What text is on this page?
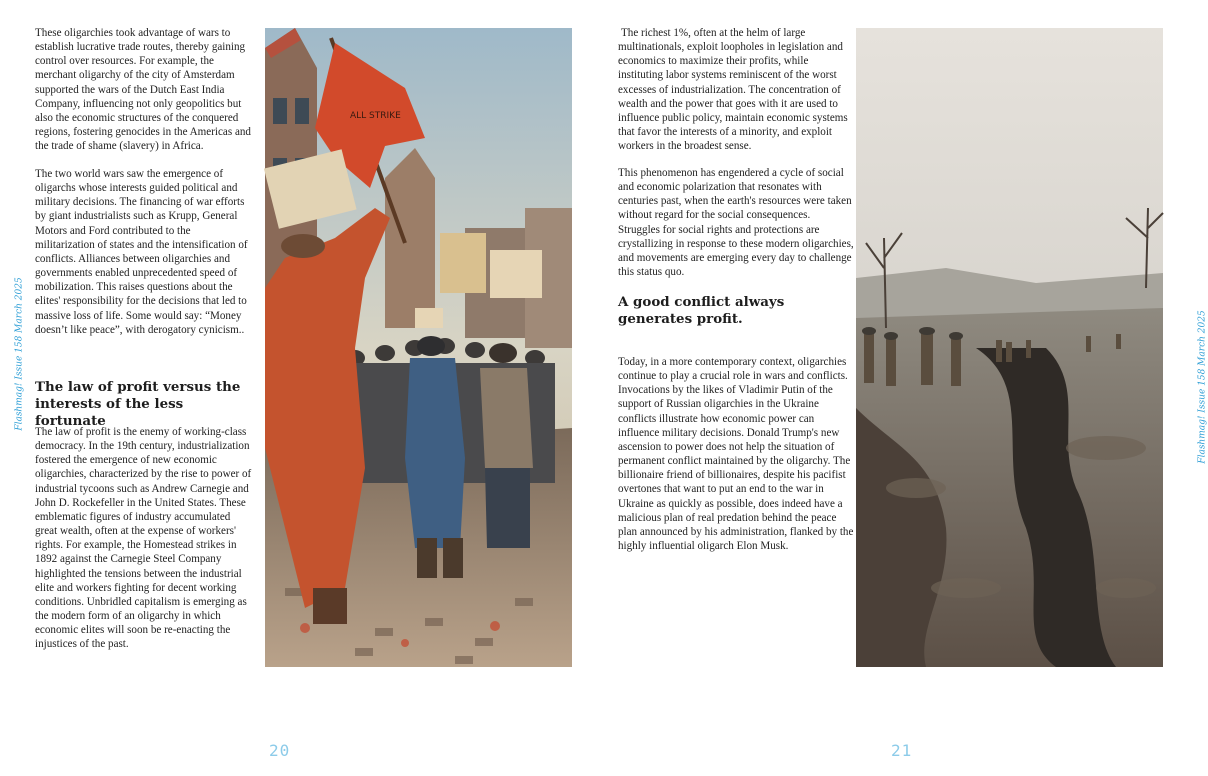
These oligarchies took advantage of wars to establish lucrative trade routes, thereby gaining control over resources. For example, the merchant oligarchy of the city of Amsterdam supported the wars of the Dutch East India Company, influencing not only geopolitics but also the economic structures of the conquered regions, fostering genocides in the Americas and the trade of shame (slavery) in Africa.

The two world wars saw the emergence of oligarchs whose interests guided political and military decisions. The financing of war efforts by giant industrialists such as Krupp, General Motors and Ford contributed to the militarization of states and the intensification of conflicts. Alliances between oligarchies and governments enabled unprecedented speed of mobilization. This raises questions about the elites' responsibility for the decisions that led to massive loss of life. Some would say: “Money doesn’t like peace”, with derogatory cynicism..

The law of profit versus the interests of the less fortunate

The law of profit is the enemy of working-class democracy. In the 19th century, industrialization fostered the emergence of new economic oligarchies, characterized by the rise to power of industrial tycoons such as Andrew Carnegie and John D. Rockefeller in the United States. These emblematic figures of industry accumulated great wealth, often at the expense of workers' rights. For example, the Homestead strikes in 1892 against the Carnegie Steel Company highlighted the tensions between the industrial elite and workers fighting for decent working conditions. Unbridled capitalism is emerging as the modern form of an oligarchy in which economic elites will soon be re-enacting the injustices of the past.

Flashmag! Issue 158 March 2025
ALL STRIKE
20

The richest 1%, often at the helm of large multinationals, exploit loopholes in legislation and economics to maximize their profits, while instituting labor systems reminiscent of the worst excesses of industrialization. The concentration of wealth and the power that goes with it are used to influence public policy, maintain economic systems that favor the interests of a minority, and exploit workers in the broadest sense.

This phenomenon has engendered a cycle of social and economic polarization that resonates with centuries past, when the earth's resources were taken without regard for the social consequences. Struggles for social rights and protections are crystallizing in response to these modern oligarchies, and movements are emerging every day to challenge this status quo.

A good conflict always generates profit.

Today, in a more contemporary context, oligarchies continue to play a crucial role in wars and conflicts. Invocations by the likes of Vladimir Putin of the support of Russian oligarchies in the Ukraine conflicts illustrate how economic power can influence military decisions. Donald Trump's new ascension to power does not help the situation of permanent conflict maintained by the oligarchy. The billionaire friend of billionaires, despite his pacifist overtones that want to put an end to the war in Ukraine as quickly as possible, does indeed have a malicious plan of real predation behind the peace plan announced by his administration, flanked by the highly influential oligarch Elon Musk.

Flashmag! Issue 158 March 2025
21
